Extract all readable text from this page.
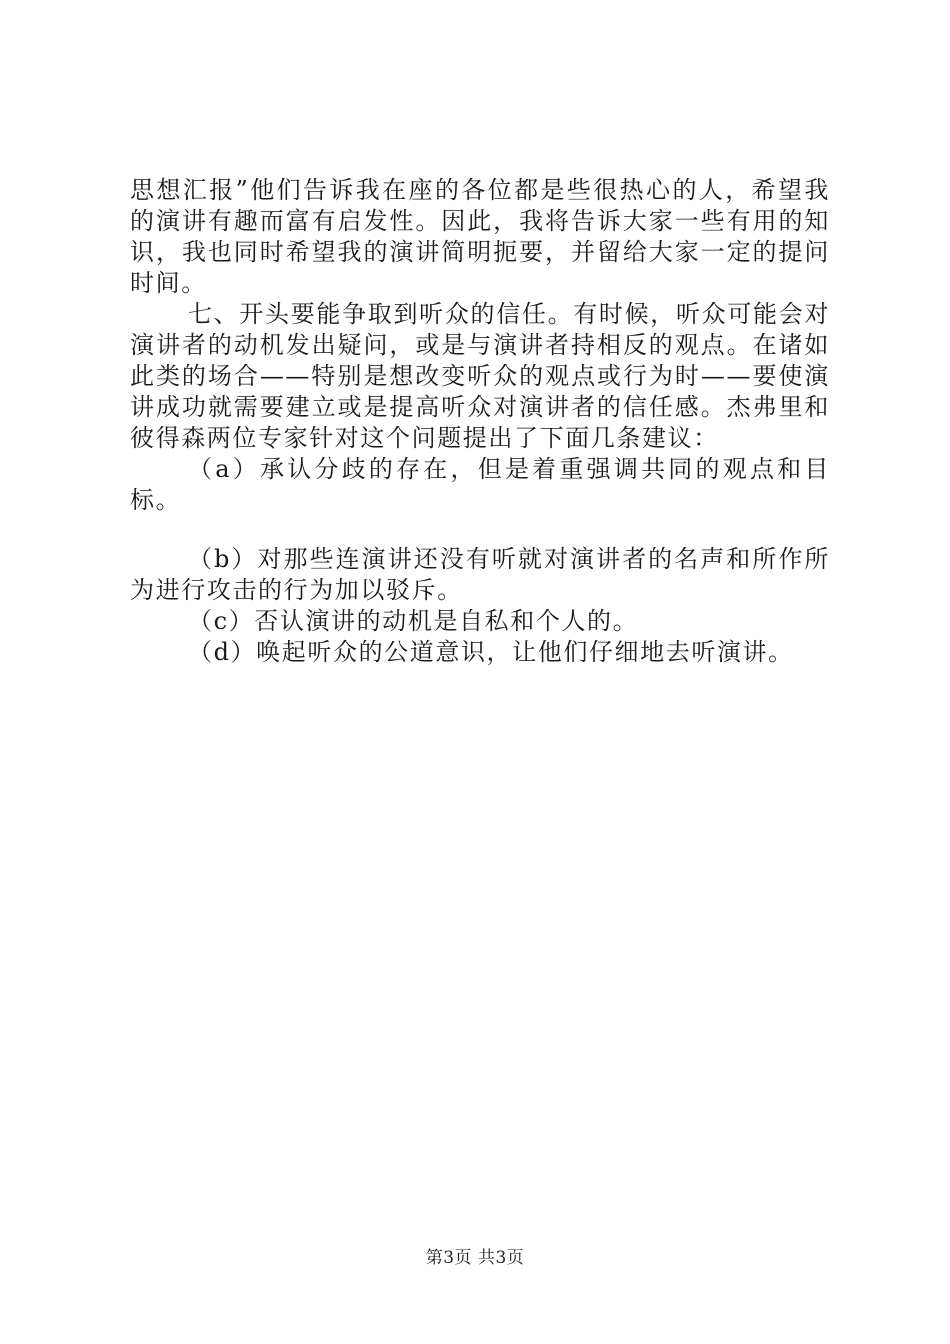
思想汇报”他们告诉我在座的各位都是些很热心的人，希望我的演讲有趣而富有启发性。因此，我将告诉大家一些有用的知识，我也同时希望我的演讲简明扼要，并留给大家一定的提问时间。

七、开头要能争取到听众的信任。有时候，听众可能会对演讲者的动机发出疑问，或是与演讲者持相反的观点。在诸如此类的场合——特别是想改变听众的观点或行为时——要使演讲成功就需要建立或是提高听众对演讲者的信任感。杰弗里和彼得森两位专家针对这个问题提出了下面几条建议：

（a）承认分歧的存在，但是着重强调共同的观点和目标。

（b）对那些连演讲还没有听就对演讲者的名声和所作所为进行攻击的行为加以驳斥。

（c）否认演讲的动机是自私和个人的。

（d）唤起听众的公道意识，让他们仔细地去听演讲。

第3页 共3页
